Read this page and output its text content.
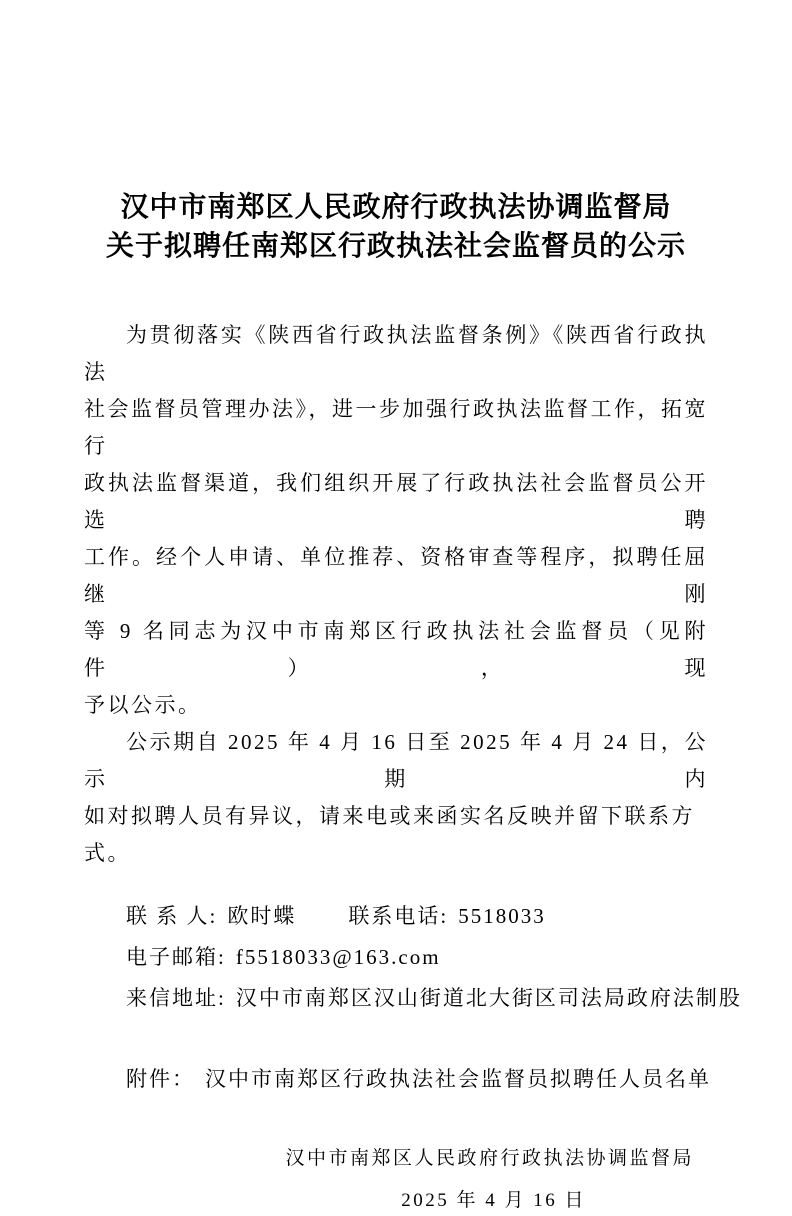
汉中市南郑区人民政府行政执法协调监督局
关于拟聘任南郑区行政执法社会监督员的公示

为贯彻落实《陕西省行政执法监督条例》《陕西省行政执法
社会监督员管理办法》，进一步加强行政执法监督工作，拓宽行
政执法监督渠道，我们组织开展了行政执法社会监督员公开选聘
工作。经个人申请、单位推荐、资格审查等程序，拟聘任屈继刚
等 9 名同志为汉中市南郑区行政执法社会监督员（见附件），现
予以公示。

公示期自 2025 年 4 月 16 日至 2025 年 4 月 24 日，公示期内
如对拟聘人员有异议，请来电或来函实名反映并留下联系方式。

联 系 人: 欧时蝶 联系电话: 5518033
电子邮箱: f5518033@163.com
来信地址: 汉中市南郑区汉山街道北大街区司法局政府法制股
附件： 汉中市南郑区行政执法社会监督员拟聘任人员名单
汉中市南郑区人民政府行政执法协调监督局
2025 年 4 月 16 日
